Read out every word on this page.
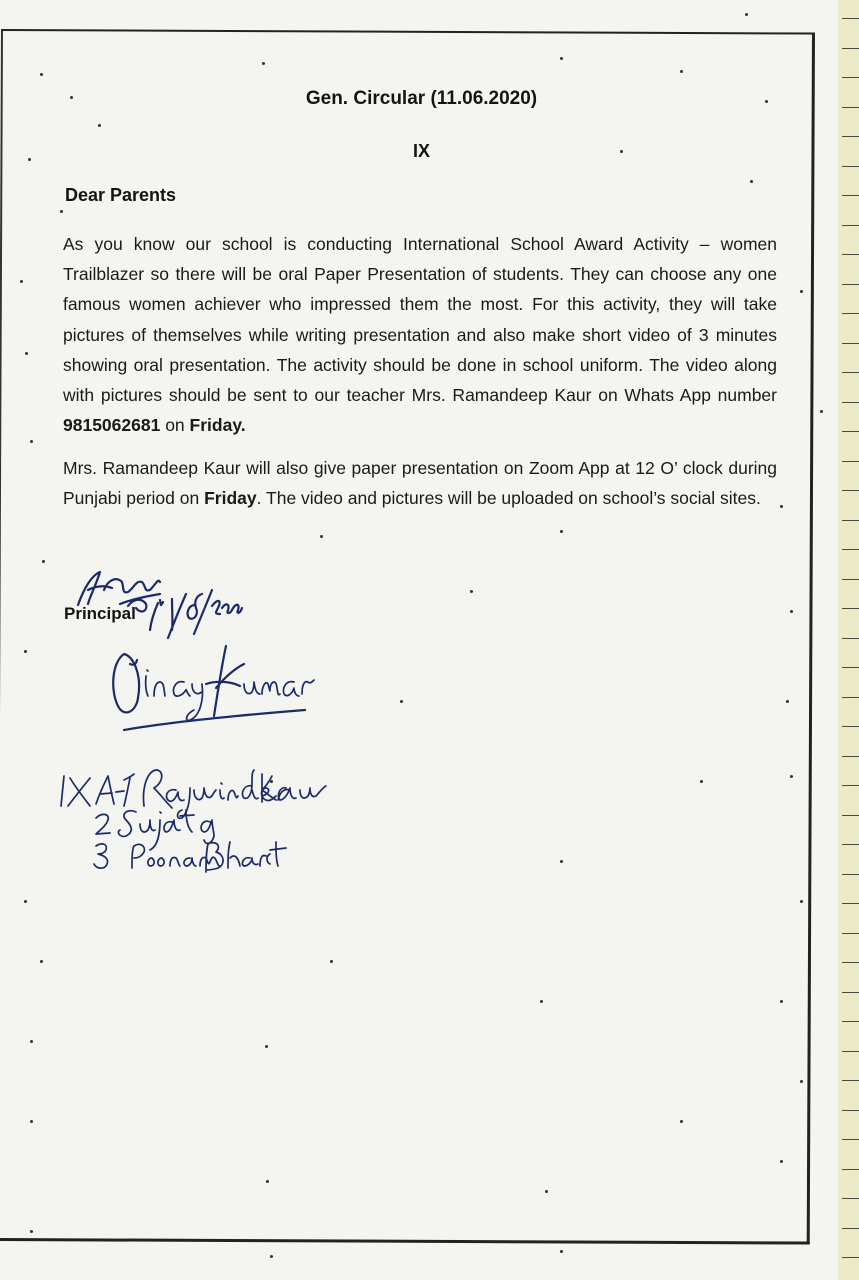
Gen. Circular (11.06.2020)
IX
Dear Parents
As you know our school is conducting International School Award Activity – women Trailblazer so there will be oral Paper Presentation of students. They can choose any one famous women achiever who impressed them the most. For this activity, they will take pictures of themselves while writing presentation and also make short video of 3 minutes showing oral presentation. The activity should be done in school uniform. The video along with pictures should be sent to our teacher Mrs. Ramandeep Kaur on Whats App number 9815062681 on Friday.
Mrs. Ramandeep Kaur will also give paper presentation on Zoom App at 12 O’ clock during Punjabi period on Friday. The video and pictures will be uploaded on school’s social sites.
Principal
